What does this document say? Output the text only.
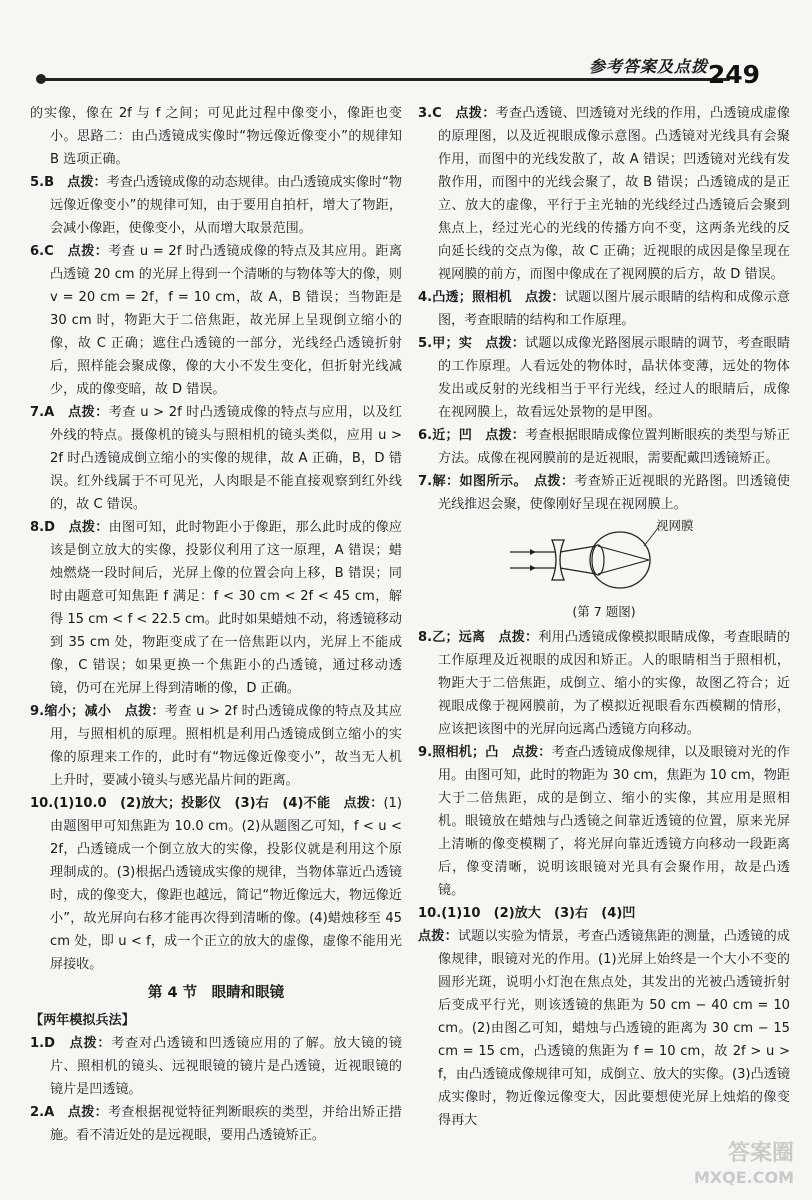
参考答案及点拨 249
的实像，像在 2f 与 f 之间；可见此过程中像变小，像距也变小。思路二：由凸透镜成实像时“物远像近像变小”的规律知 B 选项正确。
5.B　点拨：考查凸透镜成像的动态规律。由凸透镜成实像时“物远像近像变小”的规律可知，由于要用自拍杆，增大了物距，会减小像距，使像变小，从而增大取景范围。
6.C　点拨：考查 u = 2f 时凸透镜成像的特点及其应用。距离凸透镜 20 cm 的光屏上得到一个清晰的与物体等大的像，则 v = 20 cm = 2f，f = 10 cm，故 A，B 错误；当物距是 30 cm 时，物距大于二倍焦距，故光屏上呈现倒立缩小的像，故 C 正确；遮住凸透镜的一部分，光线经凸透镜折射后，照样能会聚成像，像的大小不发生变化，但折射光线减少，成的像变暗，故 D 错误。
7.A　点拨：考查 u > 2f 时凸透镜成像的特点与应用，以及红外线的特点。摄像机的镜头与照相机的镜头类似，应用 u > 2f 时凸透镜成倒立缩小的实像的规律，故 A 正确，B，D 错误。红外线属于不可见光，人肉眼是不能直接观察到红外线的，故 C 错误。
8.D　点拨：由图可知，此时物距小于像距，那么此时成的像应该是倒立放大的实像，投影仪利用了这一原理，A 错误；蜡烛燃烧一段时间后，光屏上像的位置会向上移，B 错误；同时由题意可知焦距 f 满足：f < 30 cm < 2f < 45 cm，解得 15 cm < f < 22.5 cm。此时如果蜡烛不动，将透镜移动到 35 cm 处，物距变成了在一倍焦距以内，光屏上不能成像，C 错误；如果更换一个焦距小的凸透镜，通过移动透镜，仍可在光屏上得到清晰的像，D 正确。
9.缩小；减小　点拨：考查 u > 2f 时凸透镜成像的特点及其应用，与照相机的原理。照相机是利用凸透镜成倒立缩小的实像的原理来工作的，此时有“物远像近像变小”，故当无人机上升时，要减小镜头与感光晶片间的距离。
10.(1)10.0　(2)放大；投影仪　(3)右　(4)不能　点拨：(1)由题图甲可知焦距为 10.0 cm。(2)从题图乙可知，f < u < 2f，凸透镜成一个倒立放大的实像，投影仪就是利用这个原理制成的。(3)根据凸透镜成实像的规律，当物体靠近凸透镜时，成的像变大，像距也越远，简记“物近像远大，物远像近小”，故光屏向右移才能再次得到清晰的像。(4)蜡烛移至 45 cm 处，即 u < f，成一个正立的放大的虚像，虚像不能用光屏接收。
第 4 节　眼睛和眼镜
【两年模拟兵法】
1.D　点拨：考查对凸透镜和凹透镜应用的了解。放大镜的镜片、照相机的镜头、远视眼镜的镜片是凸透镜，近视眼镜的镜片是凹透镜。
2.A　点拨：考查根据视觉特征判断眼疾的类型，并给出矫正措施。看不清近处的是远视眼，要用凸透镜矫正。
3.C　点拨：考查凸透镜、凹透镜对光线的作用，凸透镜成虚像的原理图，以及近视眼成像示意图。凸透镜对光线具有会聚作用，而图中的光线发散了，故 A 错误；凹透镜对光线有发散作用，而图中的光线会聚了，故 B 错误；凸透镜成的是正立、放大的虚像，平行于主光轴的光线经过凸透镜后会聚到焦点上，经过光心的光线的传播方向不变，这两条光线的反向延长线的交点为像，故 C 正确；近视眼的成因是像呈现在视网膜的前方，而图中像成在了视网膜的后方，故 D 错误。
4.凸透；照相机　点拨：试题以图片展示眼睛的结构和成像示意图，考查眼睛的结构和工作原理。
5.甲；实　点拨：试题以成像光路图展示眼睛的调节，考查眼睛的工作原理。人看远处的物体时，晶状体变薄，远处的物体发出或反射的光线相当于平行光线，经过人的眼睛后，成像在视网膜上，故看远处景物的是甲图。
6.近；凹　点拨：考查根据眼睛成像位置判断眼疾的类型与矫正方法。成像在视网膜前的是近视眼，需要配戴凹透镜矫正。
7.解：如图所示。　点拨：考查矫正近视眼的光路图。凹透镜使光线推迟会聚，使像刚好呈现在视网膜上。
视网膜
(第 7 题图)
8.乙；远离　点拨：利用凸透镜成像模拟眼睛成像，考查眼睛的工作原理及近视眼的成因和矫正。人的眼睛相当于照相机，物距大于二倍焦距，成倒立、缩小的实像，故图乙符合；近视眼成像于视网膜前，为了模拟近视眼看东西模糊的情形，应该把该图中的光屏向远离凸透镜方向移动。
9.照相机；凸　点拨：考查凸透镜成像规律，以及眼镜对光的作用。由图可知，此时的物距为 30 cm，焦距为 10 cm，物距大于二倍焦距，成的是倒立、缩小的实像，其应用是照相机。眼镜放在蜡烛与凸透镜之间靠近透镜的位置，原来光屏上清晰的像变模糊了，将光屏向靠近透镜方向移动一段距离后，像变清晰，说明该眼镜对光具有会聚作用，故是凸透镜。
10.(1)10　(2)放大　(3)右　(4)凹　
点拨：试题以实验为情景，考查凸透镜焦距的测量，凸透镜的成像规律，眼镜对光的作用。(1)光屏上始终是一个大小不变的圆形光斑，说明小灯泡在焦点处，其发出的光被凸透镜折射后变成平行光，则该透镜的焦距为 50 cm − 40 cm = 10 cm。(2)由图乙可知，蜡烛与凸透镜的距离为 30 cm − 15 cm = 15 cm，凸透镜的焦距为 f = 10 cm，故 2f > u > f，由凸透镜成像规律可知，成倒立、放大的实像。(3)凸透镜成实像时，物近像远像变大，因此要想使光屏上烛焰的像变得再大
答案圈
MXQE.COM
